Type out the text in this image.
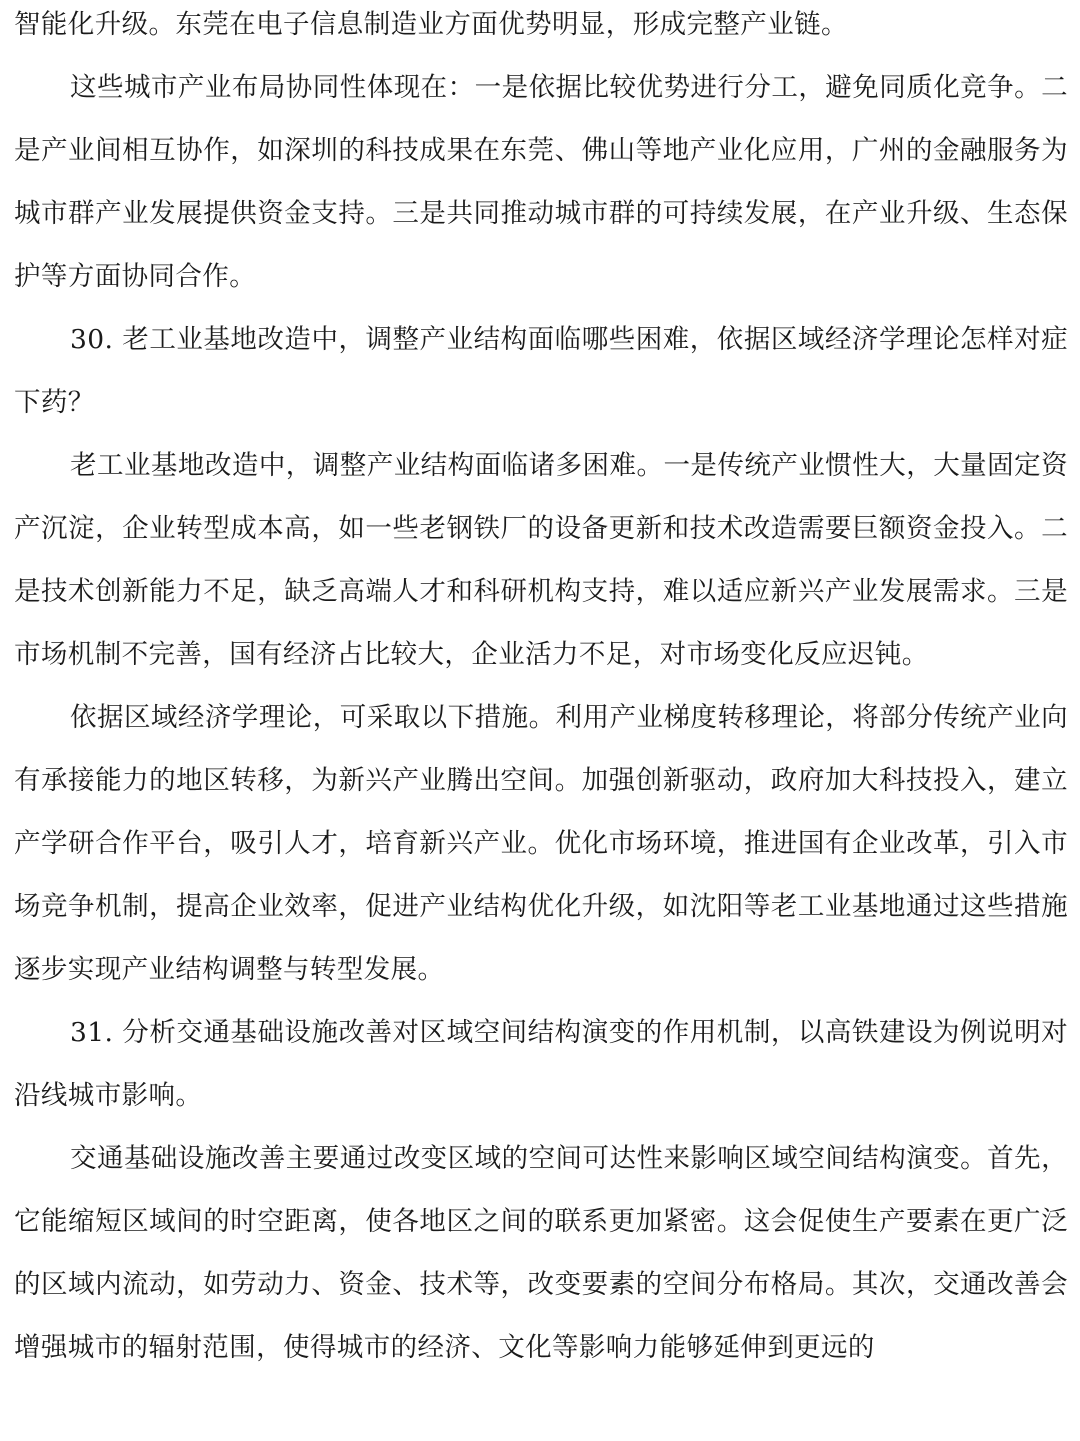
智能化升级。东莞在电子信息制造业方面优势明显，形成完整产业链。

这些城市产业布局协同性体现在：一是依据比较优势进行分工，避免同质化竞争。二是产业间相互协作，如深圳的科技成果在东莞、佛山等地产业化应用，广州的金融服务为城市群产业发展提供资金支持。三是共同推动城市群的可持续发展，在产业升级、生态保护等方面协同合作。

30. 老工业基地改造中，调整产业结构面临哪些困难，依据区域经济学理论怎样对症下药？

老工业基地改造中，调整产业结构面临诸多困难。一是传统产业惯性大，大量固定资产沉淀，企业转型成本高，如一些老钢铁厂的设备更新和技术改造需要巨额资金投入。二是技术创新能力不足，缺乏高端人才和科研机构支持，难以适应新兴产业发展需求。三是市场机制不完善，国有经济占比较大，企业活力不足，对市场变化反应迟钝。

依据区域经济学理论，可采取以下措施。利用产业梯度转移理论，将部分传统产业向有承接能力的地区转移，为新兴产业腾出空间。加强创新驱动，政府加大科技投入，建立产学研合作平台，吸引人才，培育新兴产业。优化市场环境，推进国有企业改革，引入市场竞争机制，提高企业效率，促进产业结构优化升级，如沈阳等老工业基地通过这些措施逐步实现产业结构调整与转型发展。

31. 分析交通基础设施改善对区域空间结构演变的作用机制，以高铁建设为例说明对沿线城市影响。

交通基础设施改善主要通过改变区域的空间可达性来影响区域空间结构演变。首先，它能缩短区域间的时空距离，使各地区之间的联系更加紧密。这会促使生产要素在更广泛的区域内流动，如劳动力、资金、技术等，改变要素的空间分布格局。其次，交通改善会增强城市的辐射范围，使得城市的经济、文化等影响力能够延伸到更远的
